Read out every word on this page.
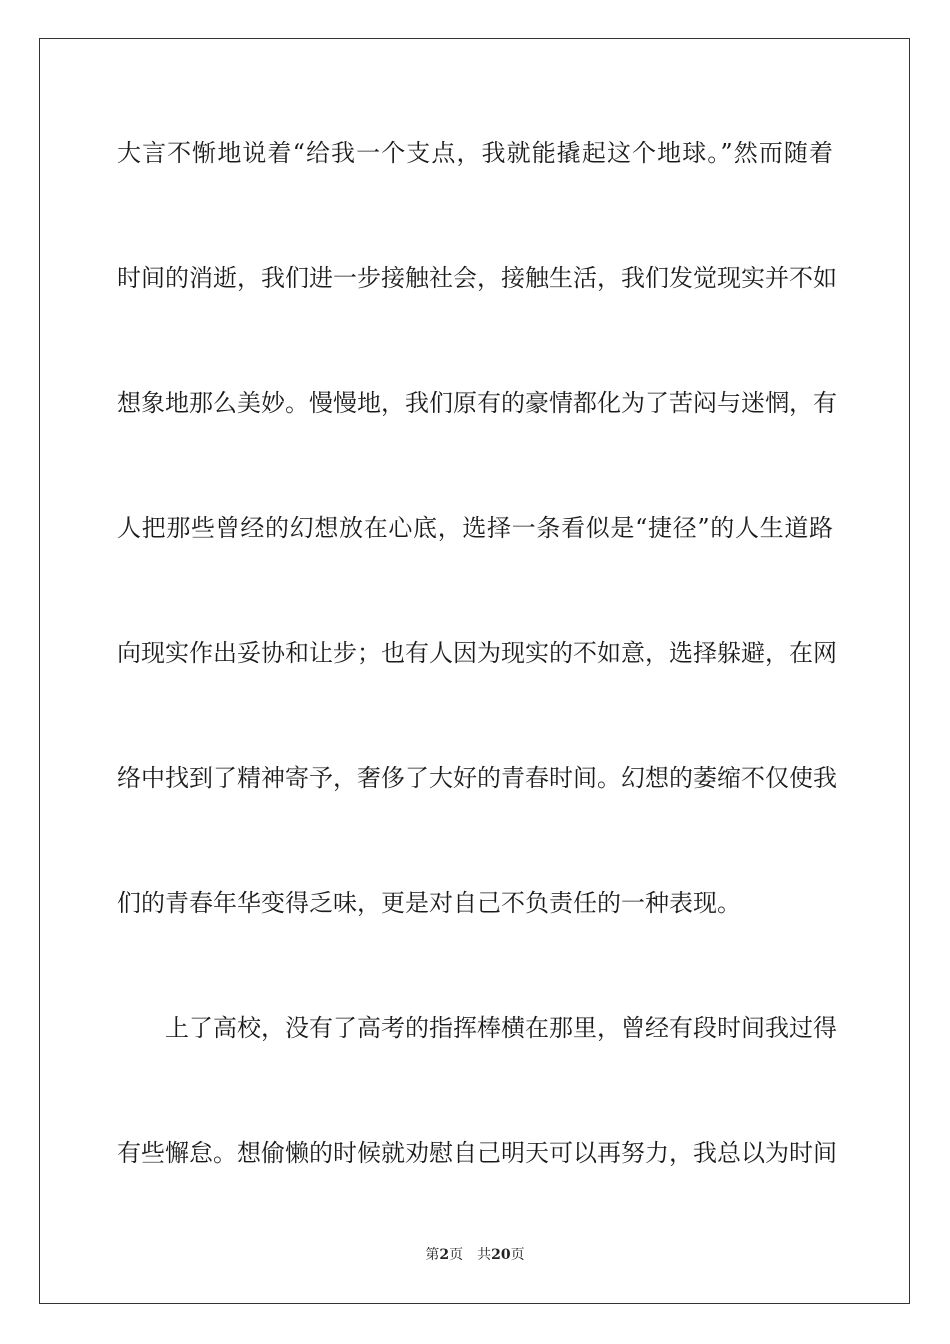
大言不惭地说着“给我一个支点，我就能撬起这个地球。”然而随着
时间的消逝，我们进一步接触社会，接触生活，我们发觉现实并不如
想象地那么美妙。慢慢地，我们原有的豪情都化为了苦闷与迷惘，有
人把那些曾经的幻想放在心底，选择一条看似是“捷径”的人生道路
向现实作出妥协和让步；也有人因为现实的不如意，选择躲避，在网
络中找到了精神寄予，奢侈了大好的青春时间。幻想的萎缩不仅使我
们的青春年华变得乏味，更是对自己不负责任的一种表现。
上了高校，没有了高考的指挥棒横在那里，曾经有段时间我过得
有些懈怠。想偷懒的时候就劝慰自己明天可以再努力，我总以为时间
第2页 共20页
